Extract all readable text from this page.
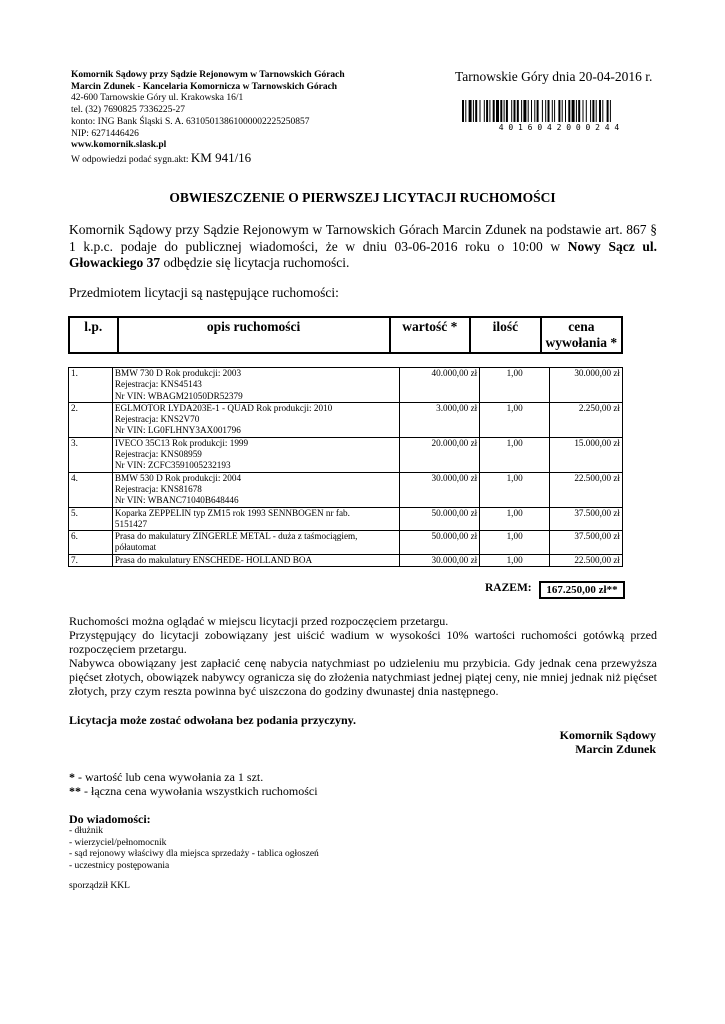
Komornik Sądowy przy Sądzie Rejonowym w Tarnowskich Górach
Marcin Zdunek - Kancelaria Komornicza w Tarnowskich Górach
42-600 Tarnowskie Góry ul. Krakowska 16/1
tel. (32) 7690825 7336225-27
konto: ING Bank Śląski S. A. 63105013861000002225250857
NIP: 6271446426
www.komornik.slask.pl
W odpowiedzi podać sygn.akt: KM 941/16
Tarnowskie Góry dnia 20-04-2016 r.
4 0 1 6 0 4 2 0 0 0 2 4 4
OBWIESZCZENIE O PIERWSZEJ LICYTACJI RUCHOMOŚCI
Komornik Sądowy przy Sądzie Rejonowym w Tarnowskich Górach Marcin Zdunek na podstawie art. 867 § 1 k.p.c. podaje do publicznej wiadomości, że w dniu 03-06-2016 roku o 10:00 w Nowy Sącz ul. Głowackiego 37 odbędzie się licytacja ruchomości.
Przedmiotem licytacji są następujące ruchomości:
l.p.	opis ruchomości	wartość *	ilość	cena
wywołania *
1.	BMW 730 D Rok produkcji: 2003
Rejestracja: KNS45143
Nr VIN: WBAGM21050DR52379	40.000,00 zł	1,00	30.000,00 zł
2.	EGLMOTOR LYDA203E-1 - QUAD Rok produkcji: 2010
Rejestracja: KNS2V70
Nr VIN: LG0FLHNY3AX001796	3.000,00 zł	1,00	2.250,00 zł
3.	IVECO 35C13 Rok produkcji: 1999
Rejestracja: KNS08959
Nr VIN: ZCFC3591005232193	20.000,00 zł	1,00	15.000,00 zł
4.	BMW 530 D Rok produkcji: 2004
Rejestracja: KNS81678
Nr VIN: WBANC71040B648446	30.000,00 zł	1,00	22.500,00 zł
5.	Koparka ZEPPELIN typ ZM15 rok 1993 SENNBOGEN nr fab.
5151427	50.000,00 zł	1,00	37.500,00 zł
6.	Prasa do makulatury ZINGERLE METAL - duża z taśmociągiem,
półautomat	50.000,00 zł	1,00	37.500,00 zł
7.	Prasa do makulatury ENSCHEDE- HOLLAND BOA	30.000,00 zł	1,00	22.500,00 zł
RAZEM:	167.250,00 zł**

Ruchomości można oglądać w miejscu licytacji przed rozpoczęciem przetargu.

Przystępujący do licytacji zobowiązany jest uiścić wadium w wysokości 10% wartości ruchomości gotówką przed rozpoczęciem przetargu.

Nabywca obowiązany jest zapłacić cenę nabycia natychmiast po udzieleniu mu przybicia. Gdy jednak cena przewyższa pięćset złotych, obowiązek nabywcy ogranicza się do złożenia natychmiast jednej piątej ceny, nie mniej jednak niż pięćset złotych, przy czym reszta powinna być uiszczona do godziny dwunastej dnia następnego.

Licytacja może zostać odwołana bez podania przyczyny.
Komornik Sądowy
Marcin Zdunek
* - wartość lub cena wywołania za 1 szt.
** - łączna cena wywołania wszystkich ruchomości
Do wiadomości:
- dłużnik
- wierzyciel/pełnomocnik
- sąd rejonowy właściwy dla miejsca sprzedaży - tablica ogłoszeń
- uczestnicy postępowania
sporządził KKL
